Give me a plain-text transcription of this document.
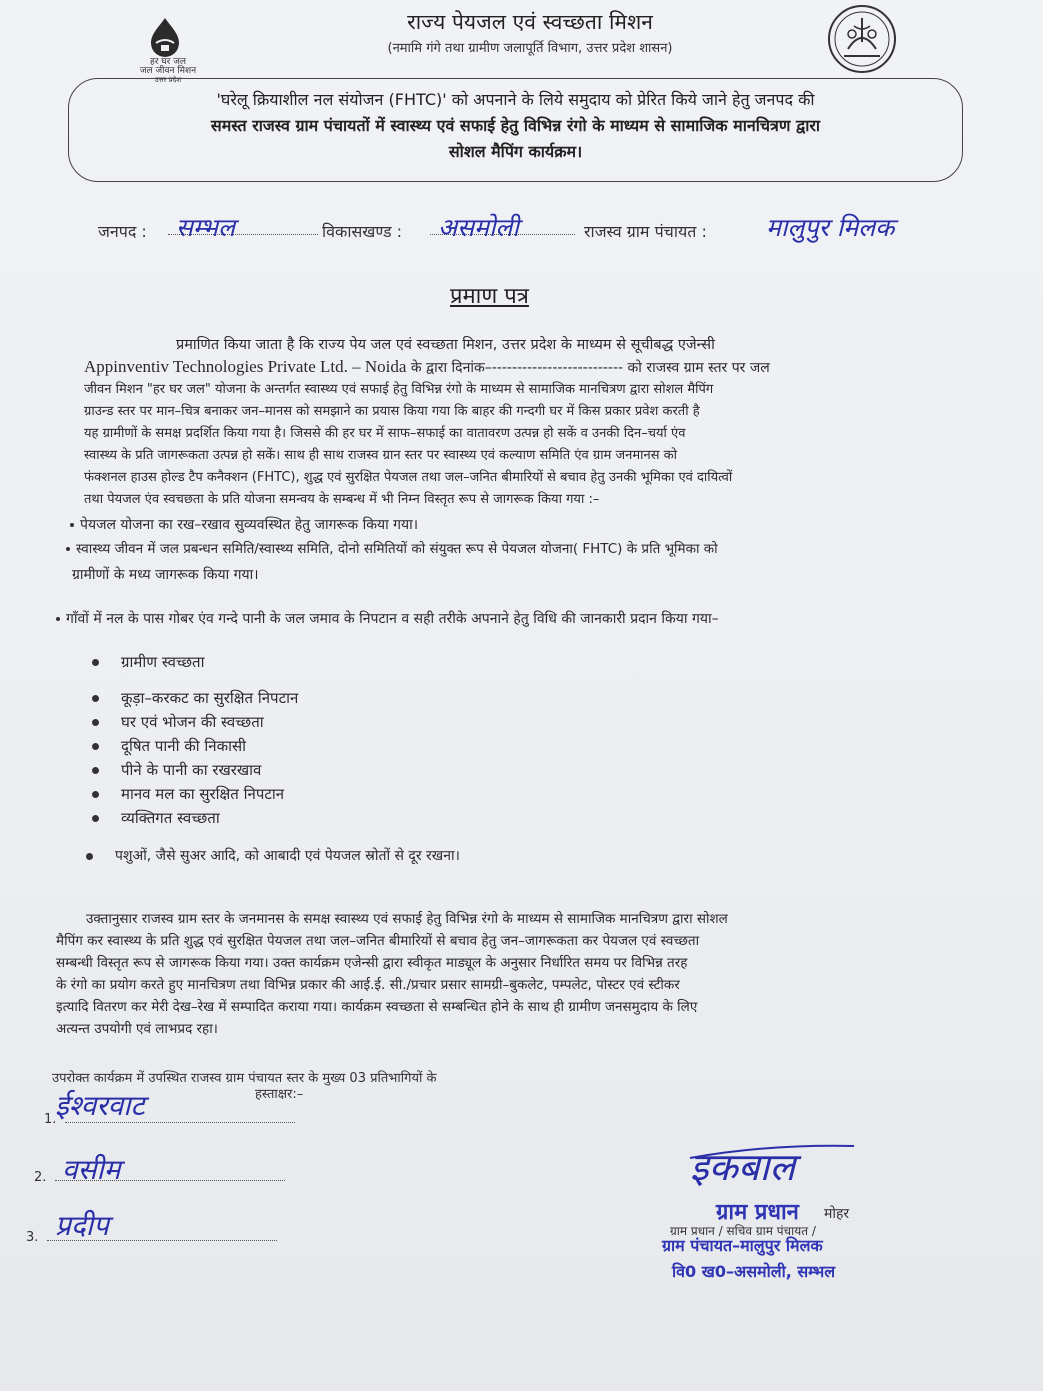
हर घर जल
जल जीवन मिशन
उत्तर प्रदेश
राज्य पेयजल एवं स्वच्छता मिशन
(नमामि गंगे तथा ग्रामीण जलापूर्ति विभाग, उत्तर प्रदेश शासन)
'घरेलू क्रियाशील नल संयोजन (FHTC)' को अपनाने के लिये समुदाय को प्रेरित किये जाने हेतु जनपद की
समस्त राजस्व ग्राम पंचायतों में स्वास्थ्य एवं सफाई हेतु विभिन्न रंगो के माध्यम से सामाजिक मानचित्रण द्वारा
सोशल मैपिंग कार्यक्रम।
जनपद : सम्भल	विकासखण्ड : असमोली	राजस्व ग्राम पंचायत : मालुपुर मिलक
प्रमाण पत्र
प्रमाणित किया जाता है कि राज्य पेय जल एवं स्वच्छता मिशन, उत्तर प्रदेश के माध्यम से सूचीबद्ध एजेन्सी
Appinventiv Technologies Private Ltd. – Noida के द्वारा दिनांक–-------------------------- को राजस्व ग्राम स्तर पर जल
जीवन मिशन "हर घर जल" योजना के अन्तर्गत स्वास्थ्य एवं सफाई हेतु विभिन्न रंगो के माध्यम से सामाजिक मानचित्रण द्वारा सोशल मैपिंग
ग्राउन्ड स्तर पर मान–चित्र बनाकर जन–मानस को समझाने का प्रयास किया गया कि बाहर की गन्दगी घर में किस प्रकार प्रवेश करती है
यह ग्रामीणों के समक्ष प्रदर्शित किया गया है। जिससे की हर घर में साफ–सफाई का वातावरण उत्पन्न हो सकें व उनकी दिन–चर्या एंव
स्वास्थ्य के प्रति जागरूकता उत्पन्न हो सकें। साथ ही साथ राजस्व ग्रान स्तर पर स्वास्थ्य एवं कल्याण समिति एंव ग्राम जनमानस को
फंक्शनल हाउस होल्ड टैप कनैक्शन (FHTC), शुद्ध एवं सुरक्षित पेयजल तथा जल–जनित बीमारियों से बचाव हेतु उनकी भूमिका एवं दायित्वों
तथा पेयजल एंव स्वचछता के प्रति योजना समन्वय के सम्बन्ध में भी निम्न विस्तृत रूप से जागरूक किया गया :–
पेयजल योजना का रख–रखाव सुव्यवस्थित हेतु जागरूक किया गया।
स्वास्थ्य जीवन में जल प्रबन्धन समिति/स्वास्थ्य समिति, दोनो समितियों को संयुक्त रूप से पेयजल योजना( FHTC) के प्रति भूमिका को
ग्रामीणों के मध्य जागरूक किया गया।
गाँवों में नल के पास गोबर एंव गन्दे पानी के जल जमाव के निपटान व सही तरीके अपनाने हेतु विधि की जानकारी प्रदान किया गया–
ग्रामीण स्वच्छता
कूड़ा–करकट का सुरक्षित निपटान
घर एवं भोजन की स्वच्छता
दूषित पानी की निकासी
पीने के पानी का रखरखाव
मानव मल का सुरक्षित निपटान
व्यक्तिगत स्वच्छता
पशुओं, जैसे सुअर आदि, को आबादी एवं पेयजल स्रोतों से दूर रखना।
उक्तानुसार राजस्व ग्राम स्तर के जनमानस के समक्ष स्वास्थ्य एवं सफाई हेतु विभिन्न रंगो के माध्यम से सामाजिक मानचित्रण द्वारा सोशल
मैपिंग कर स्वास्थ्य के प्रति शुद्ध एवं सुरक्षित पेयजल तथा जल–जनित बीमारियों से बचाव हेतु जन–जागरूकता कर पेयजल एवं स्वच्छता
सम्बन्धी विस्तृत रूप से जागरूक किया गया। उक्त कार्यक्रम एजेन्सी द्वारा स्वीकृत माड्यूल के अनुसार निर्धारित समय पर विभिन्न तरह
के रंगो का प्रयोग करते हुए मानचित्रण तथा विभिन्न प्रकार की आई.ई. सी./प्रचार प्रसार सामग्री–बुकलेट, पम्पलेट, पोस्टर एवं स्टीकर
इत्यादि वितरण कर मेरी देख–रेख में सम्पादित कराया गया। कार्यक्रम स्वच्छता से सम्बन्धित होने के साथ ही ग्रामीण जनसमुदाय के लिए
अत्यन्त उपयोगी एवं लाभप्रद रहा।
उपरोक्त कार्यक्रम में उपस्थित राजस्व ग्राम पंचायत स्तर के मुख्य 03 प्रतिभागियों के
हस्ताक्षर:–
1.
ईश्वरवाट
2. वसीम
3. प्रदीप
इकबाल
ग्राम प्रधान मोहर
ग्राम प्रधान / सचिव ग्राम पंचायत /
ग्राम पंचायत–मालुपुर मिलक
वि0 ख0–असमोली, सम्भल
